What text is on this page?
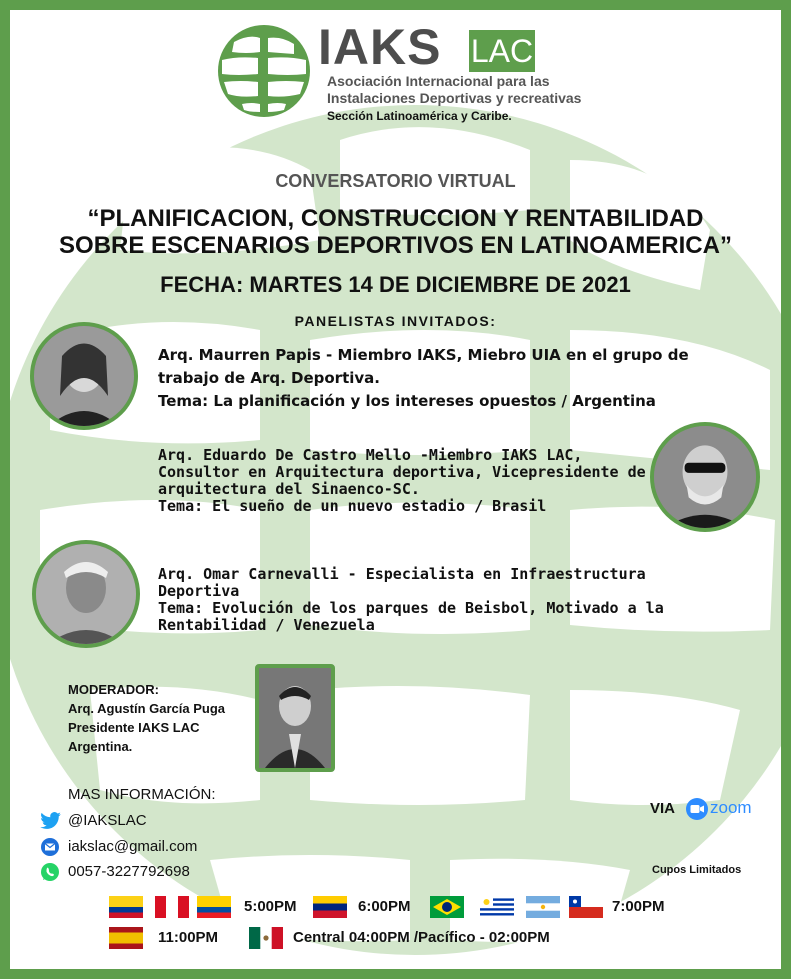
IAKS LAC
Asociación Internacional para las
Instalaciones Deportivas y recreativas
Sección Latinoamérica y Caribe.
CONVERSATORIO VIRTUAL
“PLANIFICACION, CONSTRUCCION Y RENTABILIDAD
SOBRE ESCENARIOS DEPORTIVOS EN LATINOAMERICA”
FECHA: MARTES 14 DE DICIEMBRE DE 2021
PANELISTAS INVITADOS:
Arq. Maurren Papis - Miembro IAKS, Miebro UIA en el grupo de
trabajo de Arq. Deportiva.
Tema: La planificación y los intereses opuestos / Argentina
Arq. Eduardo De Castro Mello -Miembro IAKS LAC,
Consultor en Arquitectura deportiva, Vicepresidente de
arquitectura del Sinaenco-SC.
Tema: El sueño de un nuevo estadio / Brasil
Arq. Omar Carnevalli - Especialista en Infraestructura
Deportiva
Tema: Evolución de los parques de Beisbol, Motivado a la
Rentabilidad / Venezuela
MODERADOR:
Arq. Agustín García Puga
Presidente IAKS LAC
Argentina.
MAS INFORMACIÓN:
@IAKSLAC
iakslac@gmail.com
0057-3227792698
VIA zoom
Cupos Limitados
5:00PM	6:00PM	7:00PM
11:00PM	Central 04:00PM /Pacífico - 02:00PM
